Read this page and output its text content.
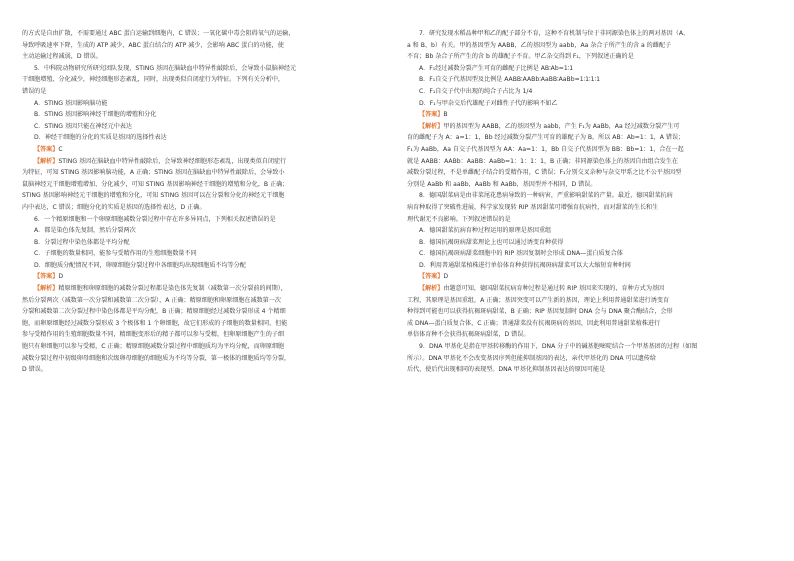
的方式是自由扩散，不需要通过 ABC 蛋白运输到细胞内，C 错误；一氧化碳中毒会阻碍氧气的运输，

导致呼吸速率下降，生成的 ATP 减少，ABC 蛋白结合的 ATP 减少，会影响 ABC 蛋白的功能，使

主动运输过程减弱，D 错误。

5．中科院动物研究所研究团队发现，STING 基因在脑缺血中特异性敲除后，会导致小鼠脑神经元

干细胞增殖、分化减少，神经细胞形态紊乱，同时，出现类似自闭症行为特征。下列有关分析中，

错误的是

A．STING 基因影响脑功能

B．STING 基因影响神经干细胞的增殖和分化

C．STING 基因只能在神经元中表达

D．神经干细胞的分化的实质是基因的选择性表达

【答案】C

【解析】STING 基因在脑缺血中特异性敲除后，会导致神经细胞形态紊乱，出现类似自闭症行

为特征，可知 STING 基因影响脑功能，A 正确；STING 基因在脑缺血中特异性敲除后，会导致小

鼠脑神经元干细胞增殖增加、分化减少，可知 STING 基因影响神经干细胞的增殖和分化，B 正确；

STING 基因影响神经元干细胞的增殖和分化，可知 STING 基因可以在分裂和分化的神经元干细胞

内中表达，C 错误；细胞分化的实质是基因的选择性表达，D 正确。

6．一个精原细胞和一个卵原细胞减数分裂过程中存在许多异同点，下列相关叙述错误的是

A．都是染色体先复制，然后分裂两次

B．分裂过程中染色体都是平均分配

C．子细胞的数量相同，能参与受精作用的生殖细胞数量不同

D．细胞质分配情况不同，卵原细胞分裂过程中各细胞均出现细胞质不均等分配

【答案】D

【解析】精原细胞和卵原细胞的减数分裂过程都是染色体先复制（减数第一次分裂前的间期），

然后分裂两次（减数第一次分裂和减数第二次分裂），A 正确；精原细胞和卵原细胞在减数第一次

分裂和减数第二次分裂过程中染色体都是平均分配，B 正确；精原细胞经过减数分裂形成 4 个精细

胞，而卵原细胞经过减数分裂形成 3 个极体和 1 个卵细胞，故它们形成的子细胞的数量相同，但能

参与受精作用的生殖细胞数量不同，精细胞变形后的精子都可以参与受精，但卵原细胞产生的子细

胞只有卵细胞可以参与受精，C 正确；精原细胞减数分裂过程中细胞质均为平均分配，而卵原细胞

减数分裂过程中初级卵母细胞和次级卵母细胞的细胞质为不均等分裂，第一极体的细胞质均等分裂，

D 错误。

7．研究发现水稻品种甲和乙的配子部分不育，这种不育机制与位于非同源染色体上的两对基因（A、

a 和 B、b）有关。甲的基因型为 AABB，乙的基因型为 aabb，Aa 杂合子所产生的含 a 的雌配子

不育；Bb 杂合子所产生的含 b 的雄配子不育。甲乙杂交得到 F₁，下列叙述正确的是

A．F₁经过减数分裂产生可育的雌配子比例是 AB∶Ab=1∶1

B．F₁自交子代基因型及比例是 AABB∶AABb∶AaBB∶AaBb=1∶1∶1∶1

C．F₁自交子代中出现的纯合子占比为 1/4

D．F₁与甲杂交后代雄配子对雌性子代的影响不如乙

【答案】B

【解析】甲的基因型为 AABB，乙的基因型为 aabb，产生 F₁为 AaBb，Aa 经过减数分裂产生可

育的雌配子为 A：a=1：1，Bb 经过减数分裂产生可育的雄配子为 B，所以 AB：Ab=1：1，A 错误；

F₁为 AaBb，Aa 自交子代基因型为 AA：Aa=1：1，Bb 自交子代基因型为 BB：Bb=1：1，合在一起

就是 AABB：AABb：AaBB：AaBb=1：1：1：1，B 正确；非同源染色体上的基因自由组合发生在

减数分裂过程，不是单雌配子结合的受精作用，C 错误；F₁分别交叉杂种与杂交甲系之比不公平基因型

分别是 AaBb 和 aaBb，AaBb 和 AaBb，基因型并不相同，D 错误。

8．德国甜菜病是由非菜尾花患病导致的一种病害，严重影响甜菜的产量。最近，德国甜菜抗病

病育种取得了突破性进展，科学家发现转 RIP 基因甜菜可增强育抗病性，而对甜菜的生长和生

理代谢无不良影响。下列叙述错误的是

A．德国甜菜抗病育种过程运用的原理是基因重组

B．德国抗褐斑病甜菜理论上也可以通过诱变育种获得

C．德国抗褐斑病甜菜细胞中的 RIP 基因复制时会形成 DNA—蛋白质复合体

D．利用普通甜菜植株进行单倍体育种获得抗褐斑病甜菜可以大大缩短育种时间

【答案】D

【解析】由题意可知，德国甜菜抗病育种过程是通过转 RIP 基因来实现的，育种方式为基因

工程，其原理是基因重组，A 正确；基因突变可以产生新的基因，理论上利用普通甜菜进行诱变育

种得到可能也可以获得抗褐斑病甜菜，B 正确；RIP 基因复制时 DNA 会与 DNA 聚合酶结合，会形

成 DNA—蛋白质复合体，C 正确；普通甜菜没有抗褐斑病的基因，因此利用普通甜菜植株进行

单倍体育种不会获得抗褐斑病甜菜，D 错误。

9．DNA 甲基化是指在甲基转移酶的作用下，DNA 分子中的碱基胞嘧啶结合一个甲基基团的过程（如图

所示）。DNA 甲基化不会改变基因序列但能抑制基因的表达，亲代甲基化的 DNA 可以遗传给

后代，使后代出现相同的表现型。DNA 甲基化抑制基因表达的原因可能是
